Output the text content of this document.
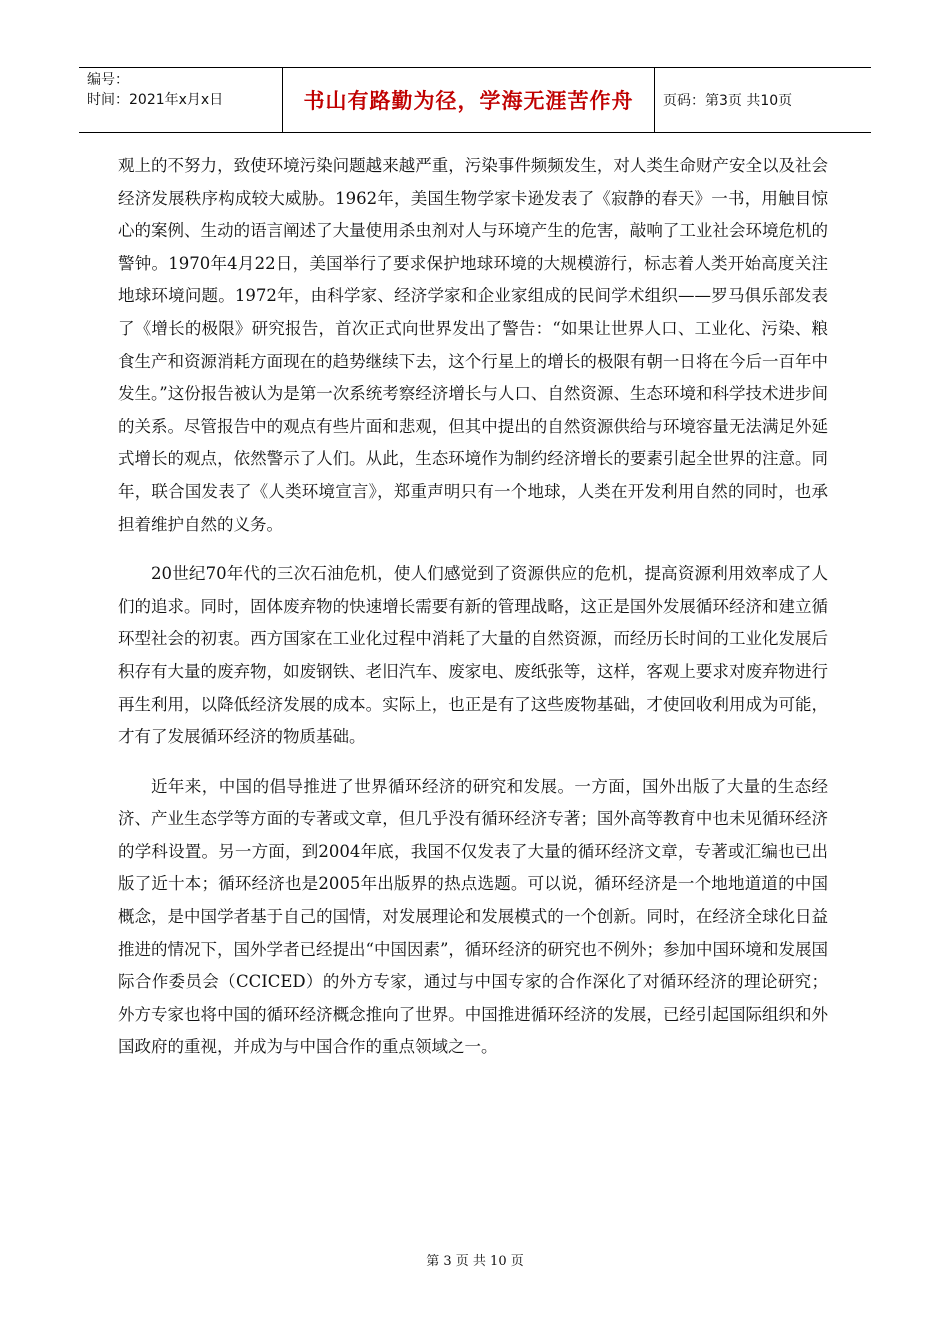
编号：
时间：2021年x月x日	书山有路勤为径，学海无涯苦作舟	页码：第3页 共10页

观上的不努力，致使环境污染问题越来越严重，污染事件频频发生，对人类生命财产安全以及社会经济发展秩序构成较大威胁。1962年，美国生物学家卡逊发表了《寂静的春天》一书，用触目惊心的案例、生动的语言阐述了大量使用杀虫剂对人与环境产生的危害，敲响了工业社会环境危机的警钟。1970年4月22日，美国举行了要求保护地球环境的大规模游行，标志着人类开始高度关注地球环境问题。1972年，由科学家、经济学家和企业家组成的民间学术组织——罗马俱乐部发表了《增长的极限》研究报告，首次正式向世界发出了警告：“如果让世界人口、工业化、污染、粮食生产和资源消耗方面现在的趋势继续下去，这个行星上的增长的极限有朝一日将在今后一百年中发生。”这份报告被认为是第一次系统考察经济增长与人口、自然资源、生态环境和科学技术进步间的关系。尽管报告中的观点有些片面和悲观，但其中提出的自然资源供给与环境容量无法满足外延式增长的观点，依然警示了人们。从此，生态环境作为制约经济增长的要素引起全世界的注意。同年，联合国发表了《人类环境宣言》，郑重声明只有一个地球，人类在开发利用自然的同时，也承担着维护自然的义务。

20世纪70年代的三次石油危机，使人们感觉到了资源供应的危机，提高资源利用效率成了人们的追求。同时，固体废弃物的快速增长需要有新的管理战略，这正是国外发展循环经济和建立循环型社会的初衷。西方国家在工业化过程中消耗了大量的自然资源，而经历长时间的工业化发展后积存有大量的废弃物，如废钢铁、老旧汽车、废家电、废纸张等，这样，客观上要求对废弃物进行再生利用，以降低经济发展的成本。实际上，也正是有了这些废物基础，才使回收利用成为可能，才有了发展循环经济的物质基础。

近年来，中国的倡导推进了世界循环经济的研究和发展。一方面，国外出版了大量的生态经济、产业生态学等方面的专著或文章，但几乎没有循环经济专著；国外高等教育中也未见循环经济的学科设置。另一方面，到2004年底，我国不仅发表了大量的循环经济文章，专著或汇编也已出版了近十本；循环经济也是2005年出版界的热点选题。可以说，循环经济是一个地地道道的中国概念，是中国学者基于自己的国情，对发展理论和发展模式的一个创新。同时，在经济全球化日益推进的情况下，国外学者已经提出“中国因素”，循环经济的研究也不例外；参加中国环境和发展国际合作委员会（CCICED）的外方专家，通过与中国专家的合作深化了对循环经济的理论研究；外方专家也将中国的循环经济概念推向了世界。中国推进循环经济的发展，已经引起国际组织和外国政府的重视，并成为与中国合作的重点领域之一。

第 3 页 共 10 页
